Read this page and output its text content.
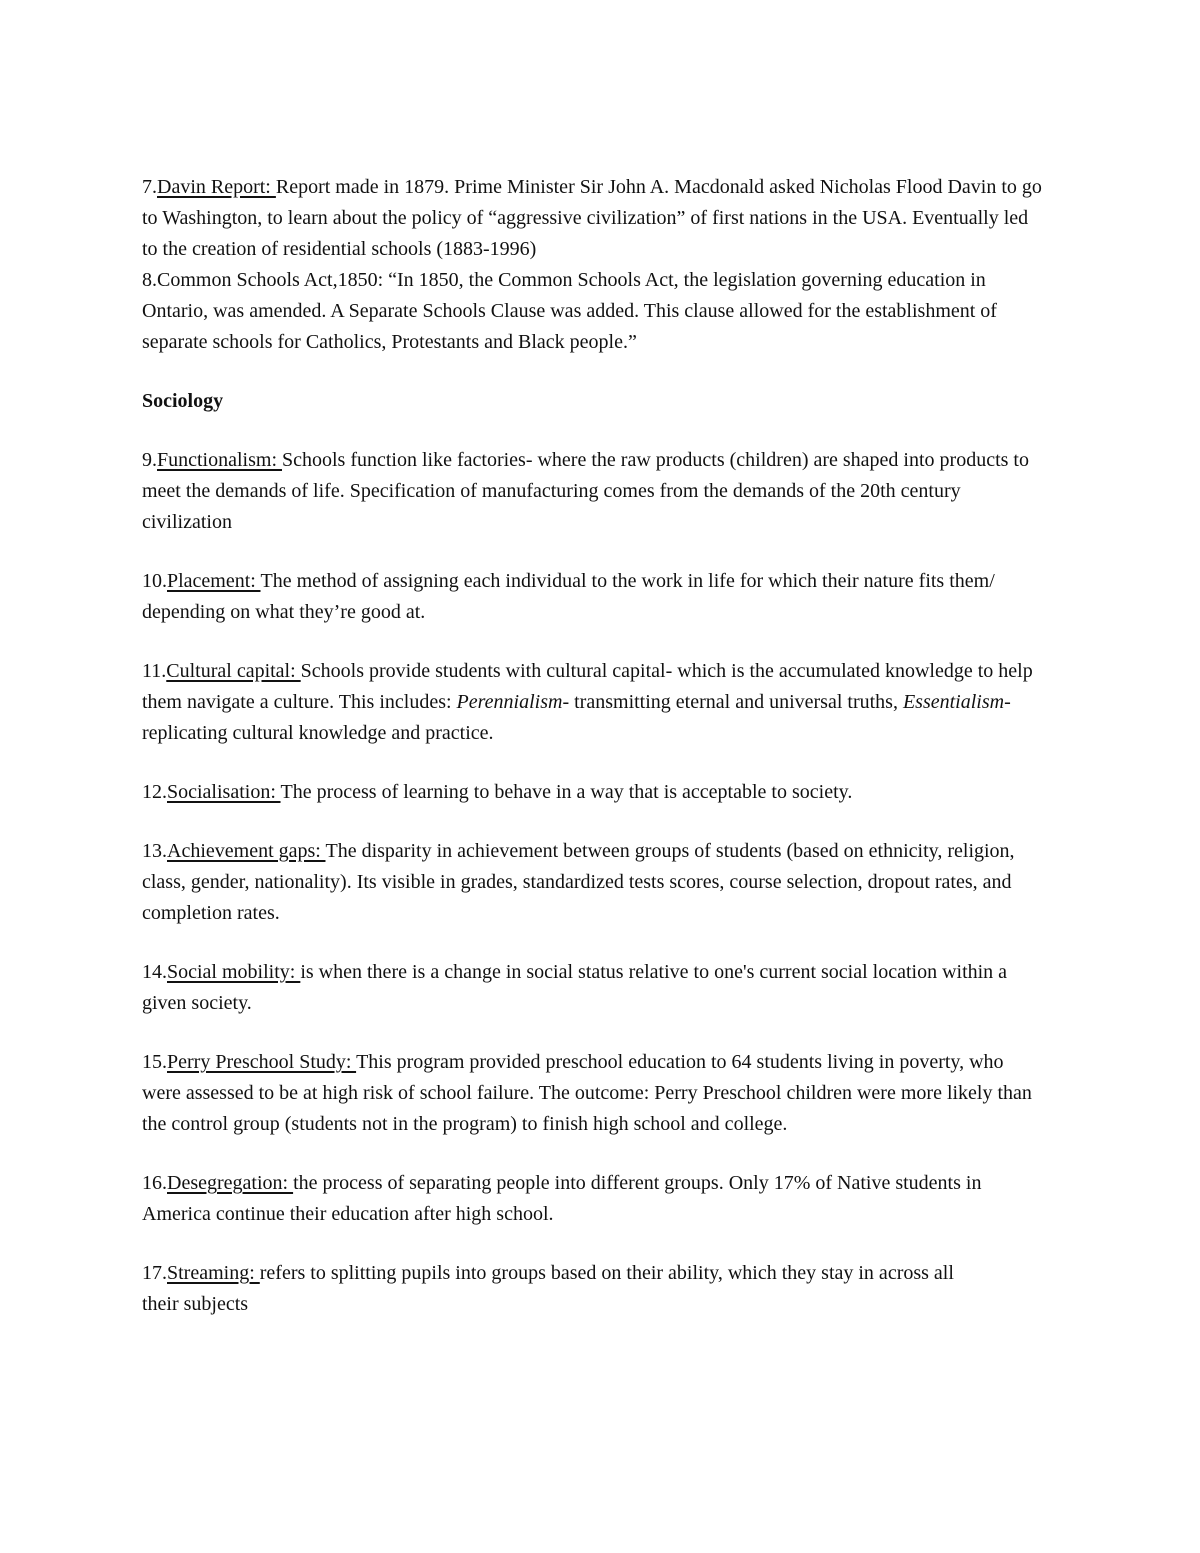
7.Davin Report: Report made in 1879. Prime Minister Sir John A. Macdonald asked Nicholas Flood Davin to go to Washington, to learn about the policy of “aggressive civilization” of first nations in the USA. Eventually led to the creation of residential schools (1883-1996)

8.Common Schools Act,1850: “In 1850, the Common Schools Act, the legislation governing education in Ontario, was amended. A Separate Schools Clause was added. This clause allowed for the establishment of separate schools for Catholics, Protestants and Black people.”

Sociology

9.Functionalism: Schools function like factories- where the raw products (children) are shaped into products to meet the demands of life. Specification of manufacturing comes from the demands of the 20th century civilization

10.Placement: The method of assigning each individual to the work in life for which their nature fits them/ depending on what they’re good at.

11.Cultural capital: Schools provide students with cultural capital- which is the accumulated knowledge to help them navigate a culture. This includes: Perennialism- transmitting eternal and universal truths, Essentialism- replicating cultural knowledge and practice.

12.Socialisation: The process of learning to behave in a way that is acceptable to society.

13.Achievement gaps: The disparity in achievement between groups of students (based on ethnicity, religion, class, gender, nationality). Its visible in grades, standardized tests scores, course selection, dropout rates, and completion rates.

14.Social mobility: is when there is a change in social status relative to one's current social location within a given society.

15.Perry Preschool Study: This program provided preschool education to 64 students living in poverty, who were assessed to be at high risk of school failure. The outcome: Perry Preschool children were more likely than the control group (students not in the program) to finish high school and college.

16.Desegregation: the process of separating people into different groups. Only 17% of Native students in America continue their education after high school.

17.Streaming: refers to splitting pupils into groups based on their ability, which they stay in across all
their subjects
